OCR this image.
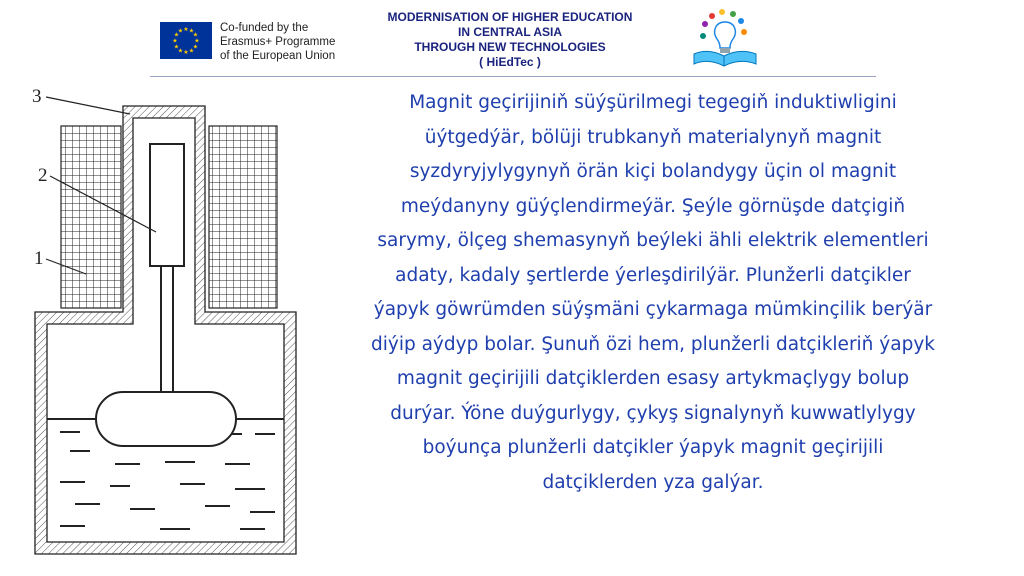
★ ★
★
★
★
★
★
★
★
★
★
★	Co-funded by the
Erasmus+ Programme
of the European Union
MODERNISATION OF HIGHER EDUCATION
IN CENTRAL ASIA
THROUGH NEW TECHNOLOGIES
( HiEdTec )
3
2
1
Magnit geçirijiniň süýşürilmegi tegegiň induktiwligini
üýtgedýär, bölüji trubkanyň materialynyň magnit
syzdyryjylygynyň örän kiçi bolandygy üçin ol magnit
meýdanyny güýçlendirmeýär. Şeýle görnüşde datçigiň
sarymy, ölçeg shemasynyň beýleki ähli elektrik elementleri
adaty, kadaly şertlerde ýerleşdirilýär. Plunžerli datçikler
ýapyk göwrümden süýşmäni çykarmaga mümkinçilik berýär
diýip aýdyp bolar. Şunuň özi hem, plunžerli datçikleriň ýapyk
magnit geçirijili datçiklerden esasy artykmaçlygy bolup
durýar. Ýöne duýgurlygy, çykyş signalynyň kuwwatlylygy
boýunça plunžerli datçikler ýapyk magnit geçirijili
datçiklerden yza galýar.
